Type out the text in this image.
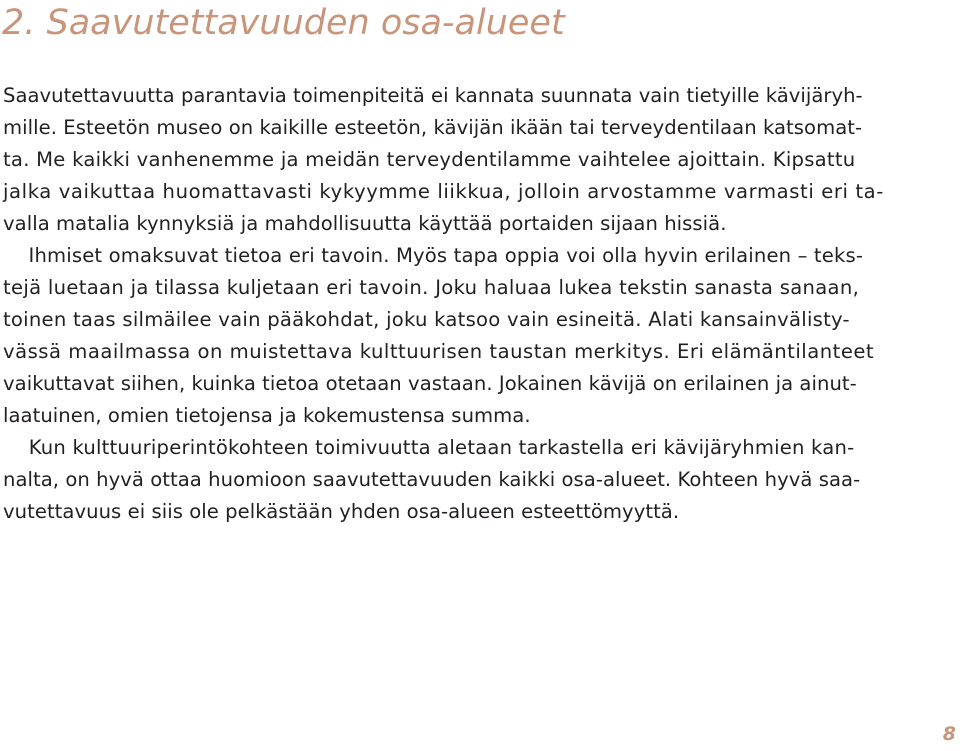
2. Saavutettavuuden osa-alueet
Saavutettavuutta parantavia toimenpiteitä ei kannata suunnata vain tietyille kävijäryh-
mille. Esteetön museo on kaikille esteetön, kävijän ikään tai terveydentilaan katsomat-
ta. Me kaikki vanhenemme ja meidän terveydentilamme vaihtelee ajoittain. Kipsattu
jalka vaikuttaa huomattavasti kykyymme liikkua, jolloin arvostamme varmasti eri ta-
valla matalia kynnyksiä ja mahdollisuutta käyttää portaiden sijaan hissiä.
Ihmiset omaksuvat tietoa eri tavoin. Myös tapa oppia voi olla hyvin erilainen – teks-
tejä luetaan ja tilassa kuljetaan eri tavoin. Joku haluaa lukea tekstin sanasta sanaan,
toinen taas silmäilee vain pääkohdat, joku katsoo vain esineitä. Alati kansainvälisty-
vässä maailmassa on muistettava kulttuurisen taustan merkitys. Eri elämäntilanteet
vaikuttavat siihen, kuinka tietoa otetaan vastaan. Jokainen kävijä on erilainen ja ainut-
laatuinen, omien tietojensa ja kokemustensa summa.
Kun kulttuuriperintökohteen toimivuutta aletaan tarkastella eri kävijäryhmien kan-
nalta, on hyvä ottaa huomioon saavutettavuuden kaikki osa-alueet. Kohteen hyvä saa-
vutettavuus ei siis ole pelkästään yhden osa-alueen esteettömyyttä.

8
